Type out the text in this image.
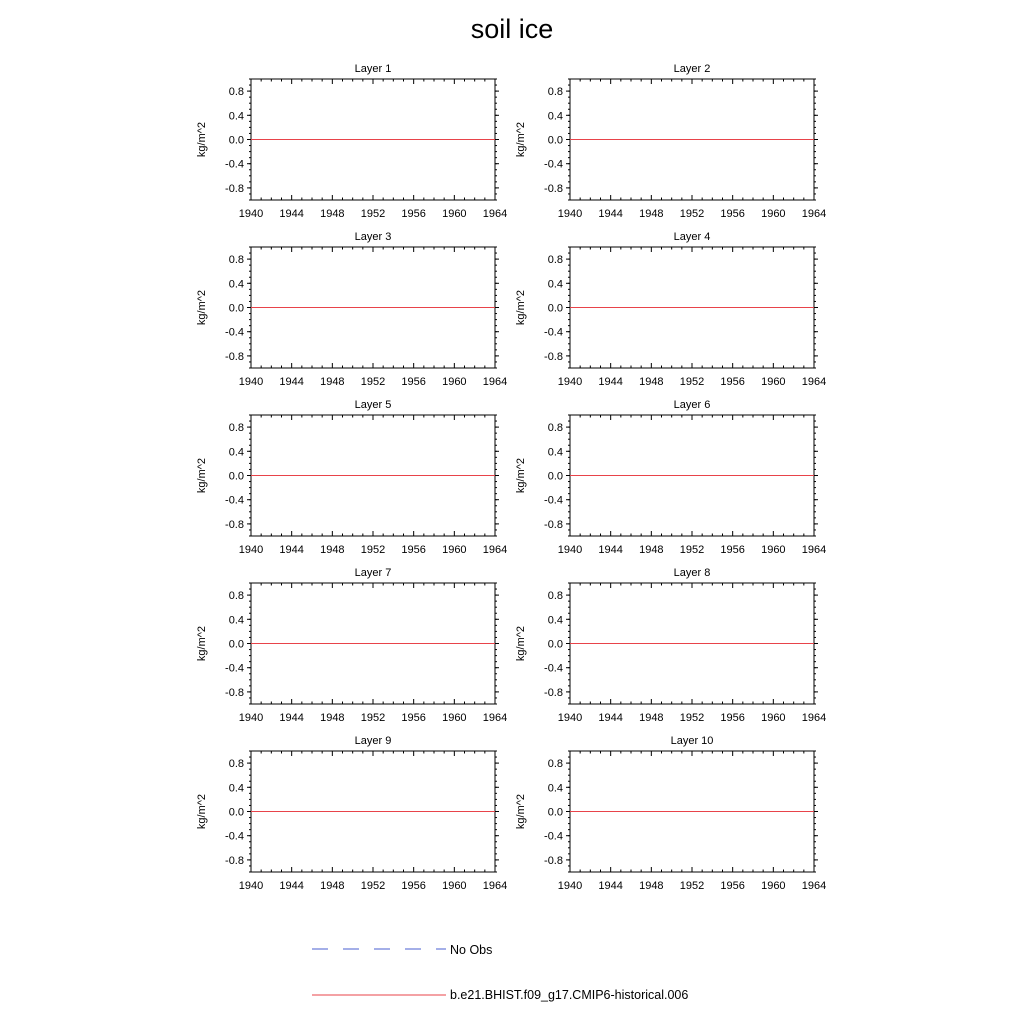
soil ice
Layer 1
1940 1944 1948 1952 1956 1960 1964
0.8
0.4
0.0
-0.4
-0.8
kg/m^2
Layer 2
1940 1944 1948 1952 1956 1960 1964
0.8
0.4
0.0
-0.4
-0.8
kg/m^2
Layer 3
1940 1944 1948 1952 1956 1960 1964
0.8
0.4
0.0
-0.4
-0.8
kg/m^2
Layer 4
1940 1944 1948 1952 1956 1960 1964
0.8
0.4
0.0
-0.4
-0.8
kg/m^2
Layer 5
1940 1944 1948 1952 1956 1960 1964
0.8
0.4
0.0
-0.4
-0.8
kg/m^2
Layer 6
1940 1944 1948 1952 1956 1960 1964
0.8
0.4
0.0
-0.4
-0.8
kg/m^2
Layer 7
1940 1944 1948 1952 1956 1960 1964
0.8
0.4
0.0
-0.4
-0.8
kg/m^2
Layer 8
1940 1944 1948 1952 1956 1960 1964
0.8
0.4
0.0
-0.4
-0.8
kg/m^2
Layer 9
1940 1944 1948 1952 1956 1960 1964
0.8
0.4
0.0
-0.4
-0.8
kg/m^2
Layer 10
1940 1944 1948 1952 1956 1960 1964
0.8
0.4
0.0
-0.4
-0.8
kg/m^2
No Obs
b.e21.BHIST.f09_g17.CMIP6-historical.006
